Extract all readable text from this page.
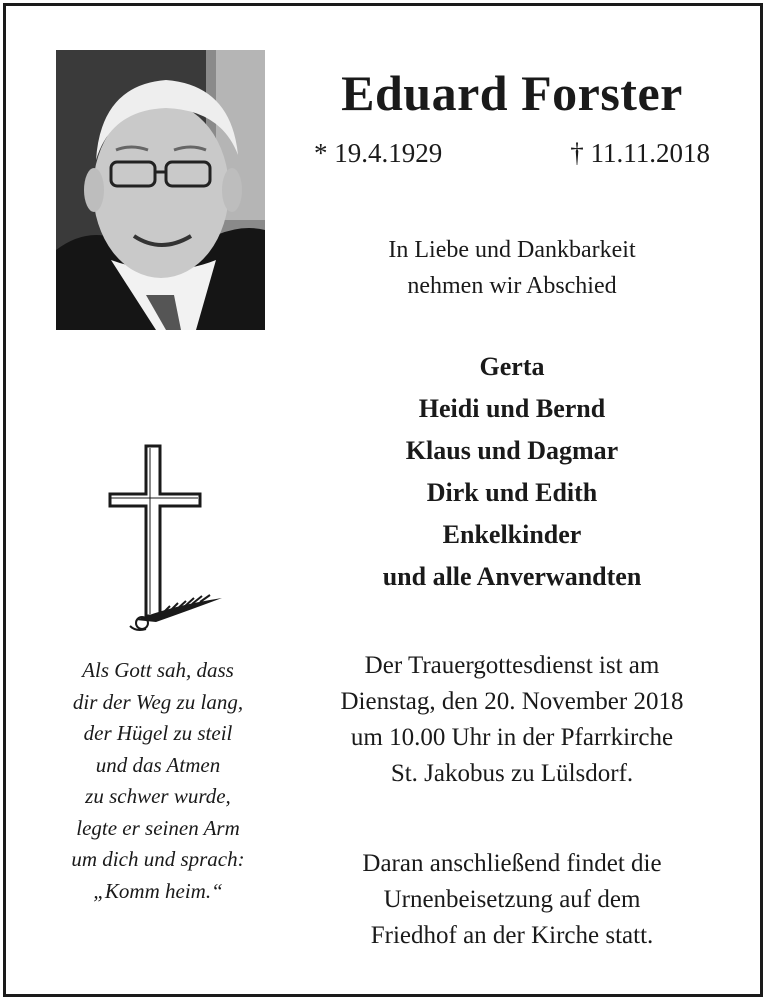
Eduard Forster
* 19.4.1929	† 11.11.2018
In Liebe und Dankbarkeit
nehmen wir Abschied
Gerta
Heidi und Bernd
Klaus und Dagmar
Dirk und Edith
Enkelkinder
und alle Anverwandten
Als Gott sah, dass
dir der Weg zu lang,
der Hügel zu steil
und das Atmen
zu schwer wurde,
legte er seinen Arm
um dich und sprach:
„Komm heim.“
Der Trauergottesdienst ist am
Dienstag, den 20. November 2018
um 10.00 Uhr in der Pfarrkirche
St. Jakobus zu Lülsdorf.
Daran anschließend findet die
Urnenbeisetzung auf dem
Friedhof an der Kirche statt.
